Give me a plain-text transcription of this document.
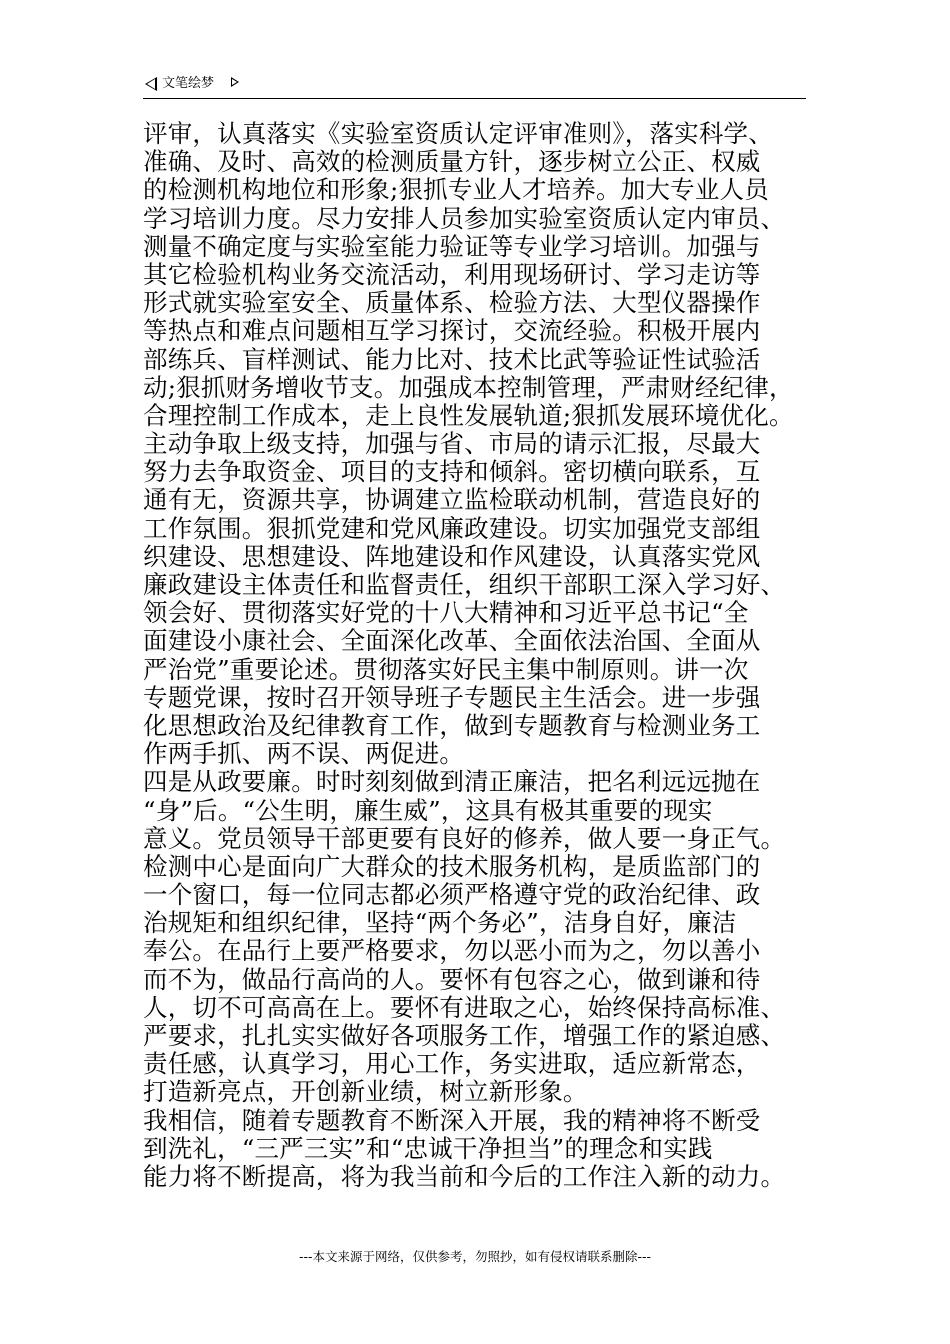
文笔绘梦
评审，认真落实《实验室资质认定评审准则》，落实科学、
准确、及时、高效的检测质量方针，逐步树立公正、权威
的检测机构地位和形象;狠抓专业人才培养。加大专业人员
学习培训力度。尽力安排人员参加实验室资质认定内审员、
测量不确定度与实验室能力验证等专业学习培训。加强与
其它检验机构业务交流活动，利用现场研讨、学习走访等
形式就实验室安全、质量体系、检验方法、大型仪器操作
等热点和难点问题相互学习探讨，交流经验。积极开展内
部练兵、盲样测试、能力比对、技术比武等验证性试验活
动;狠抓财务增收节支。加强成本控制管理，严肃财经纪律，
合理控制工作成本，走上良性发展轨道;狠抓发展环境优化。
主动争取上级支持，加强与省、市局的请示汇报，尽最大
努力去争取资金、项目的支持和倾斜。密切横向联系，互
通有无，资源共享，协调建立监检联动机制，营造良好的
工作氛围。狠抓党建和党风廉政建设。切实加强党支部组
织建设、思想建设、阵地建设和作风建设，认真落实党风
廉政建设主体责任和监督责任，组织干部职工深入学习好、
领会好、贯彻落实好党的十八大精神和习近平总书记“全
面建设小康社会、全面深化改革、全面依法治国、全面从
严治党”重要论述。贯彻落实好民主集中制原则。讲一次
专题党课，按时召开领导班子专题民主生活会。进一步强
化思想政治及纪律教育工作，做到专题教育与检测业务工
作两手抓、两不误、两促进。
四是从政要廉。时时刻刻做到清正廉洁，把名利远远抛在
“身”后。“公生明，廉生威”，这具有极其重要的现实
意义。党员领导干部更要有良好的修养，做人要一身正气。
检测中心是面向广大群众的技术服务机构，是质监部门的
一个窗口，每一位同志都必须严格遵守党的政治纪律、政
治规矩和组织纪律，坚持“两个务必”，洁身自好，廉洁
奉公。在品行上要严格要求，勿以恶小而为之，勿以善小
而不为，做品行高尚的人。要怀有包容之心，做到谦和待
人，切不可高高在上。要怀有进取之心，始终保持高标准、
严要求，扎扎实实做好各项服务工作，增强工作的紧迫感、
责任感，认真学习，用心工作，务实进取，适应新常态，
打造新亮点，开创新业绩，树立新形象。
我相信，随着专题教育不断深入开展，我的精神将不断受
到洗礼，“三严三实”和“忠诚干净担当”的理念和实践
能力将不断提高，将为我当前和今后的工作注入新的动力。
---本文来源于网络，仅供参考，勿照抄，如有侵权请联系删除---
